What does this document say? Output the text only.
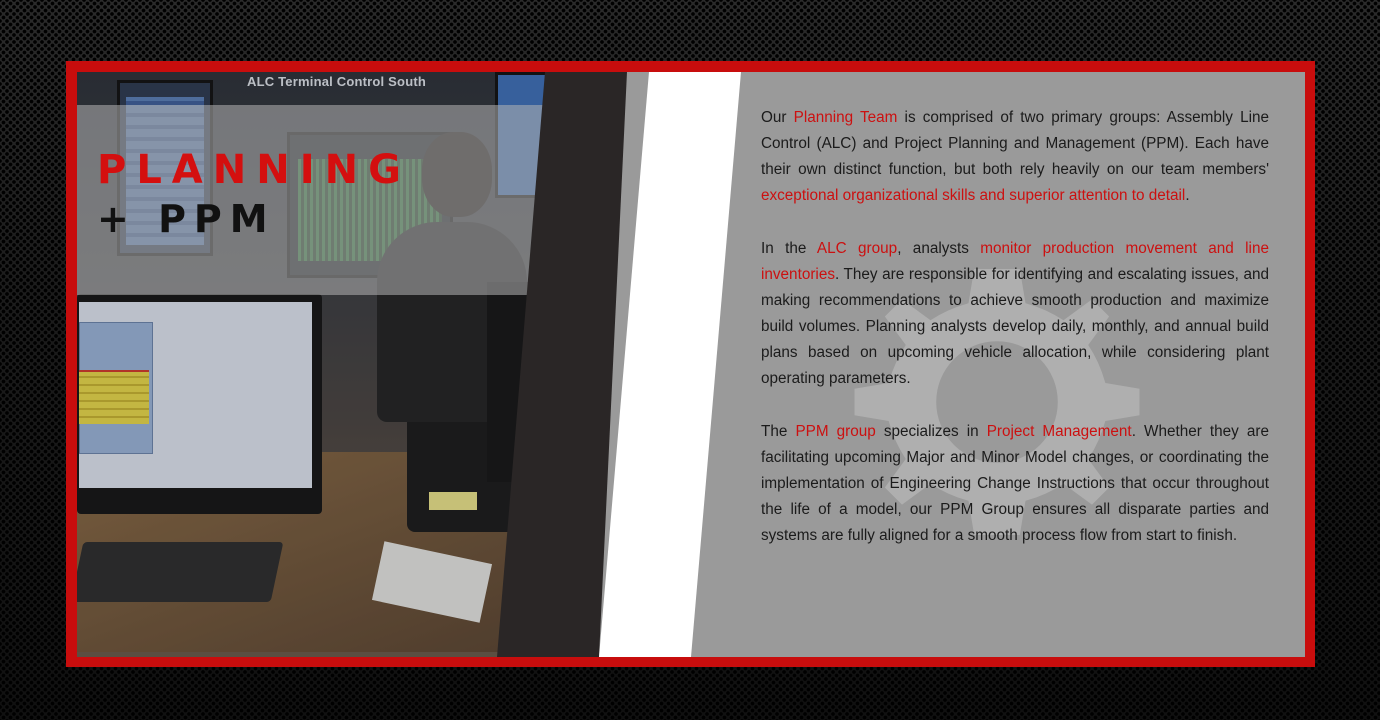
ALC Terminal Control South
PLANNING
+ PPM

Our Planning Team is comprised of two primary groups: Assembly Line Control (ALC) and Project Planning and Management (PPM). Each have their own distinct function, but both rely heavily on our team members' exceptional organizational skills and superior attention to detail.

In the ALC group, analysts monitor production movement and line inventories. They are responsible for identifying and escalating issues, and making recommendations to achieve smooth production and maximize build volumes. Planning analysts develop daily, monthly, and annual build plans based on upcoming vehicle allocation, while considering plant operating parameters.

The PPM group specializes in Project Management. Whether they are facilitating upcoming Major and Minor Model changes, or coordinating the implementation of Engineering Change Instructions that occur throughout the life of a model, our PPM Group ensures all disparate parties and systems are fully aligned for a smooth process flow from start to finish.
